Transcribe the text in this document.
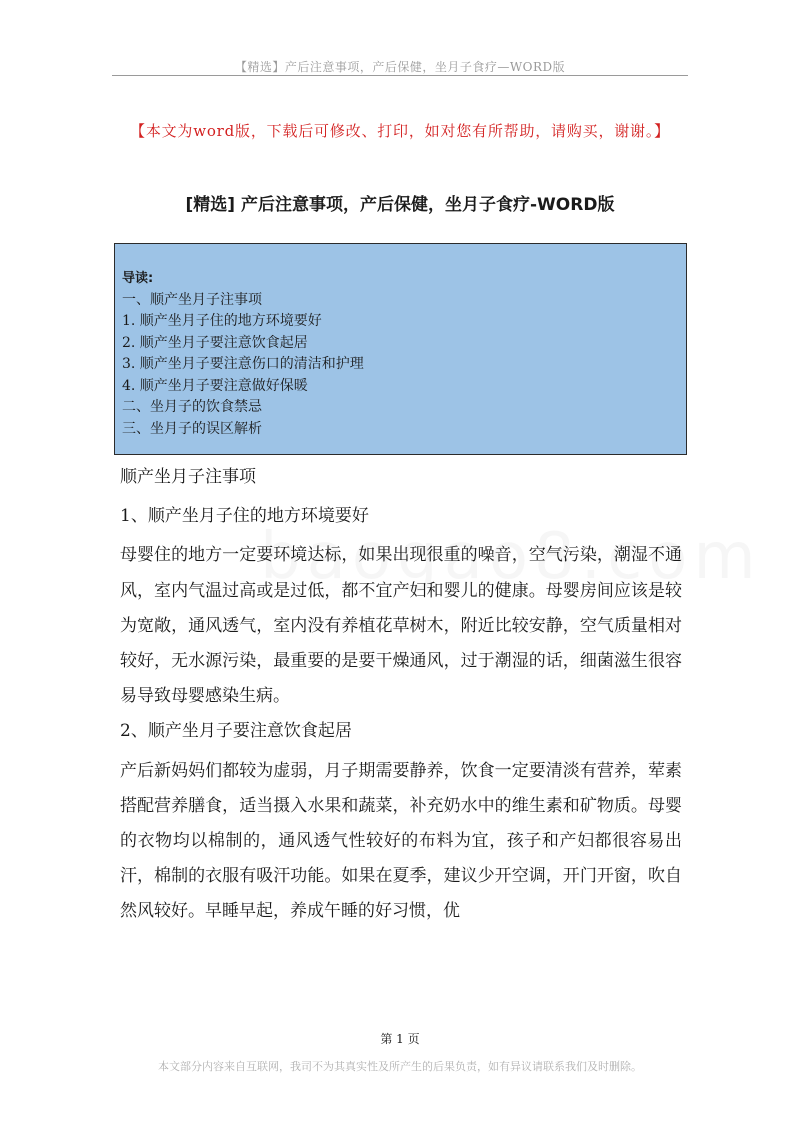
【精选】产后注意事项，产后保健，坐月子食疗—WORD版
【本文为word版，下载后可修改、打印，如对您有所帮助，请购买，谢谢。】
[精选] 产后注意事项，产后保健，坐月子食疗-WORD版
导读:
一、顺产坐月子注事项
1. 顺产坐月子住的地方环境要好
2. 顺产坐月子要注意饮食起居
3. 顺产坐月子要注意伤口的清洁和护理
4. 顺产坐月子要注意做好保暖
二、坐月子的饮食禁忌
三、坐月子的误区解析
顺产坐月子注事项
1、顺产坐月子住的地方环境要好
母婴住的地方一定要环境达标，如果出现很重的噪音，空气污染，潮湿不通风，室内气温过高或是过低，都不宜产妇和婴儿的健康。母婴房间应该是较为宽敞，通风透气，室内没有养植花草树木，附近比较安静，空气质量相对较好，无水源污染，最重要的是要干燥通风，过于潮湿的话，细菌滋生很容易导致母婴感染生病。
2、顺产坐月子要注意饮食起居
产后新妈妈们都较为虚弱，月子期需要静养，饮食一定要清淡有营养，荤素搭配营养膳食，适当摄入水果和蔬菜，补充奶水中的维生素和矿物质。母婴的衣物均以棉制的，通风透气性较好的布料为宜，孩子和产妇都很容易出汗，棉制的衣服有吸汗功能。如果在夏季，建议少开空调，开门开窗，吹自然风较好。早睡早起，养成午睡的好习惯，优
第 1 页
本文部分内容来自互联网，我司不为其真实性及所产生的后果负责，如有异议请联系我们及时删除。
